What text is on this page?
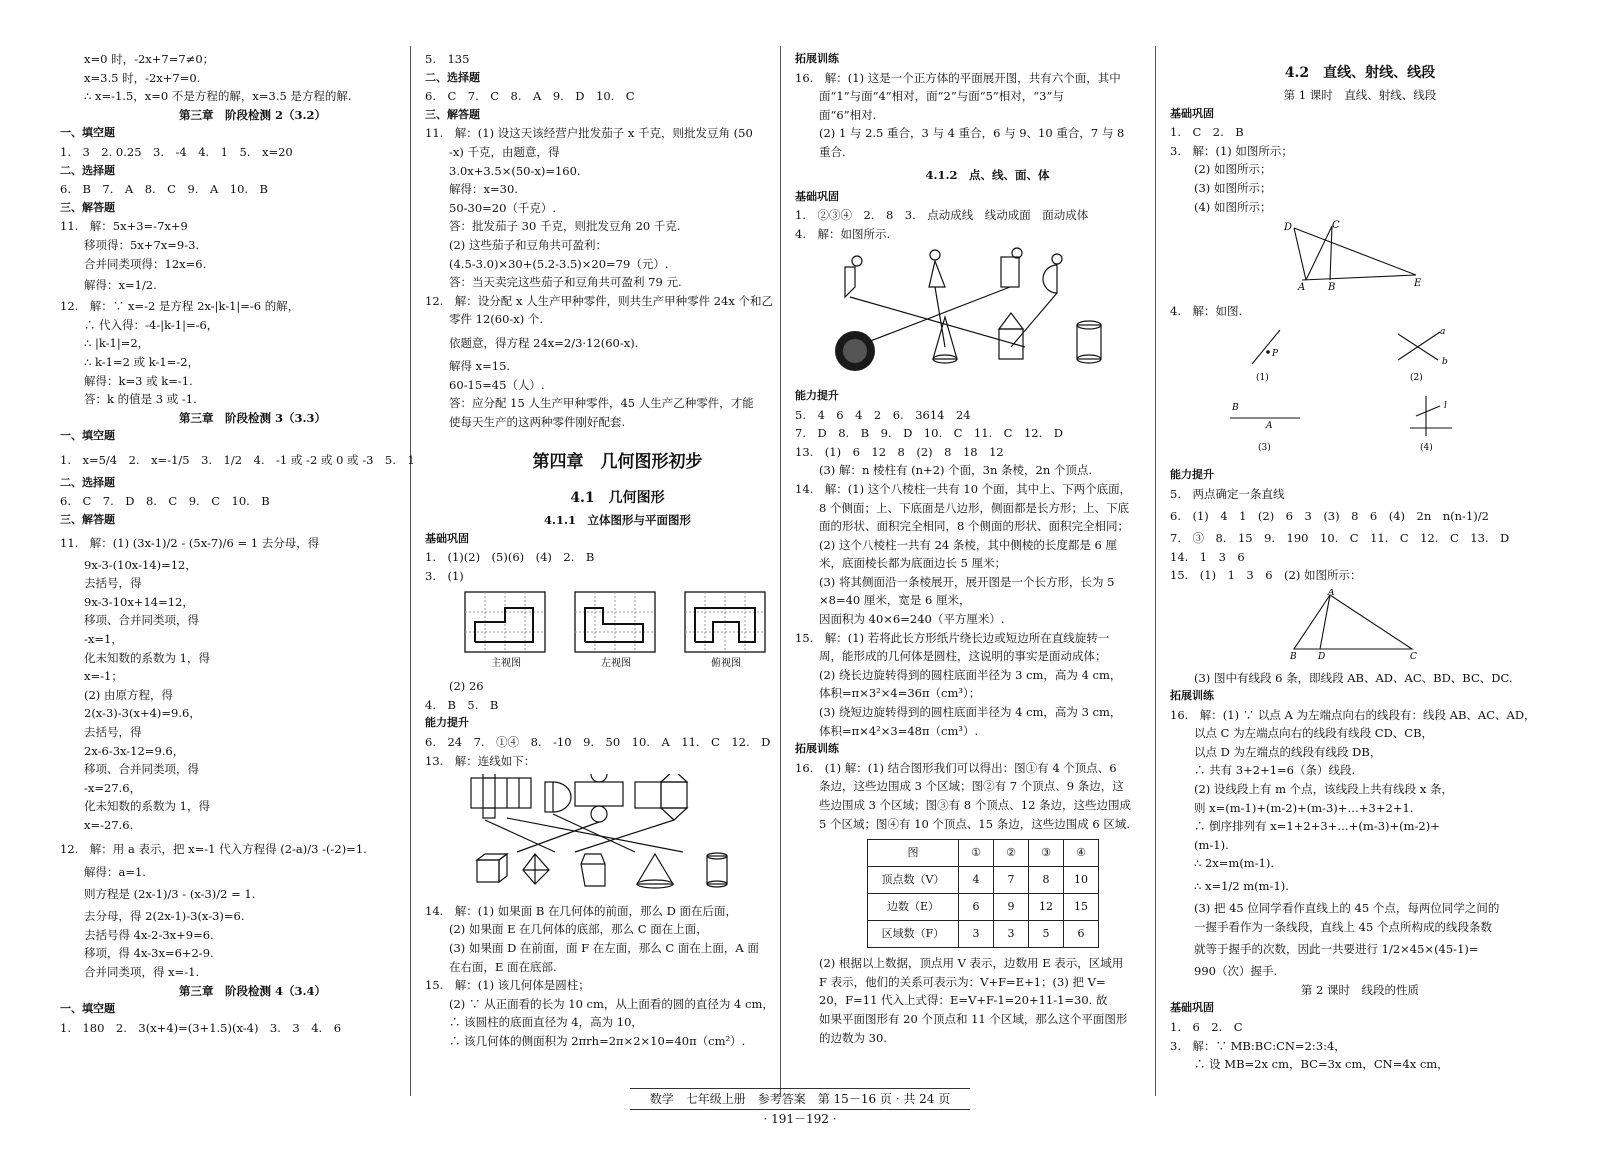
x=0 时，-2x+7=7≠0；
x=3.5 时，-2x+7=0.
∴ x=-1.5，x=0 不是方程的解，x=3.5 是方程的解.
第三章　阶段检测 2（3.2）
一、填空题
1.　3　2. 0.25　3.　-4　4.　1　5.　x=20
二、选择题
6.　B　7.　A　8.　C　9.　A　10.　B
三、解答题
11.　解：5x+3=-7x+9
移项得：5x+7x=9-3.
合并同类项得：12x=6.
解得：x=1/2.
12.　解：∵ x=-2 是方程 2x-|k-1|=-6 的解，
∴ 代入得：-4-|k-1|=-6，
∴ |k-1|=2，
∴ k-1=2 或 k-1=-2，
解得：k=3 或 k=-1.
答：k 的值是 3 或 -1.
第三章　阶段检测 3（3.3）
一、填空题
1.　x=5/4　2.　x=-1/5　3.　1/2　4.　-1 或 -2 或 0 或 -3　5.　1
二、选择题
6.　C　7.　D　8.　C　9.　C　10.　B
三、解答题
11.　解：(1) (3x-1)/2 - (5x-7)/6 = 1 去分母，得
9x-3-(10x-14)=12，
去括号，得
9x-3-10x+14=12，
移项、合并同类项，得
-x=1，
化未知数的系数为 1，得
x=-1；
(2) 由原方程，得
2(x-3)-3(x+4)=9.6，
去括号，得
2x-6-3x-12=9.6，
移项、合并同类项，得
-x=27.6，
化未知数的系数为 1，得
x=-27.6.
12.　解：用 a 表示，把 x=-1 代入方程得 (2-a)/3 -(-2)=1.
解得：a=1.
则方程是 (2x-1)/3 - (x-3)/2 = 1.
去分母，得 2(2x-1)-3(x-3)=6.
去括号得 4x-2-3x+9=6.
移项，得 4x-3x=6+2-9.
合并同类项，得 x=-1.
第三章　阶段检测 4（3.4）
一、填空题
1.　180　2.　3(x+4)=(3+1.5)(x-4)　3.　3　4.　6
5.　135
二、选择题
6.　C　7.　C　8.　A　9.　D　10.　C
三、解答题
11.　解：(1) 设这天该经营户批发茄子 x 千克，则批发豆角 (50
-x) 千克，由题意，得
3.0x+3.5×(50-x)=160.
解得：x=30.
50-30=20（千克）.
答：批发茄子 30 千克，则批发豆角 20 千克.
(2) 这些茄子和豆角共可盈利：
(4.5-3.0)×30+(5.2-3.5)×20=79（元）.
答：当天卖完这些茄子和豆角共可盈利 79 元.
12.　解：设分配 x 人生产甲种零件，则共生产甲种零件 24x 个和乙
零件 12(60-x) 个.
依题意，得方程 24x=2/3·12(60-x).
解得 x=15.
60-15=45（人）.
答：应分配 15 人生产甲种零件，45 人生产乙种零件，才能
使每天生产的这两种零件刚好配套.
第四章　几何图形初步
4.1　几何图形
4.1.1　立体图形与平面图形
基础巩固
1.　(1)(2)　(5)(6)　(4)　2.　B
3.　(1)
主视图	左视图	俯视图
(2) 26
4.　B　5.　B
能力提升
6.　24　7.　①④　8.　-10　9.　50　10.　A　11.　C　12.　D
13.　解：连线如下：
14.　解：(1) 如果面 B 在几何体的前面，那么 D 面在后面，
(2) 如果面 E 在几何体的底部，那么 C 面在上面，
(3) 如果面 D 在前面，面 F 在左面，那么 C 面在上面，A 面
在右面，E 面在底部.
15.　解：(1) 该几何体是圆柱；
(2) ∵ 从正面看的长为 10 cm，从上面看的圆的直径为 4 cm，
∴ 该圆柱的底面直径为 4，高为 10，
∴ 该几何体的侧面积为 2πrh=2π×2×10=40π（cm²）.
拓展训练
16.　解：(1) 这是一个正方体的平面展开图，共有六个面，其中
面“1”与面“4”相对，面“2”与面“5”相对，“3”与
面“6”相对.
(2) 1 与 2.5 重合，3 与 4 重合，6 与 9、10 重合，7 与 8
重合.
4.1.2　点、线、面、体
基础巩固
1.　②③④　2.　8　3.　点动成线　线动成面　面动成体
4.　解：如图所示.
能力提升
5.　4　6　4　2　6.　3614　24
7.　D　8.　B　9.　D　10.　C　11.　C　12.　D
13.　(1)　6　12　8　(2)　8　18　12
(3) 解：n 棱柱有 (n+2) 个面，3n 条棱，2n 个顶点.
14.　解：(1) 这个八棱柱一共有 10 个面，其中上、下两个底面，
8 个侧面；上、下底面是八边形，侧面都是长方形；上、下底
面的形状、面积完全相同，8 个侧面的形状、面积完全相同；
(2) 这个八棱柱一共有 24 条棱，其中侧棱的长度都是 6 厘
米，底面棱长都为底面边长 5 厘米；
(3) 将其侧面沿一条棱展开，展开图是一个长方形，长为 5
×8=40 厘米，宽是 6 厘米，
因面积为 40×6=240（平方厘米）.
15.　解：(1) 若将此长方形纸片绕长边或短边所在直线旋转一
周，能形成的几何体是圆柱，这说明的事实是面动成体；
(2) 绕长边旋转得到的圆柱底面半径为 3 cm，高为 4 cm，
体积=π×3²×4=36π（cm³）；
(3) 绕短边旋转得到的圆柱底面半径为 4 cm，高为 3 cm，
体积=π×4²×3=48π（cm³）.
拓展训练
16.　(1) 解：(1) 结合图形我们可以得出：图①有 4 个顶点、6
条边，这些边围成 3 个区域；图②有 7 个顶点、9 条边，这
些边围成 3 个区域；图③有 8 个顶点、12 条边，这些边围成
5 个区域；图④有 10 个顶点、15 条边，这些边围成 6 区域.
图	①	②	③	④
顶点数（V）	4	7	8	10
边数（E）	6	9	12	15
区域数（F）	3	3	5	6
(2) 根据以上数据，顶点用 V 表示，边数用 E 表示，区域用
F 表示，他们的关系可表示为：V+F=E+1；(3) 把 V=
20，F=11 代入上式得：E=V+F-1=20+11-1=30. 故
如果平面图形有 20 个顶点和 11 个区域，那么这个平面图形
的边数为 30.
4.2　直线、射线、线段
第 1 课时　直线、射线、线段
基础巩固
1.　C　2.　B
3.　解：(1) 如图所示；
(2) 如图所示；
(3) 如图所示；
(4) 如图所示；
D	C
A B	E
4.　解：如图.
P
a
b
(1)	(2)
(3)	(4)
B
A
l
能力提升
5.　两点确定一条直线
6.　(1)　4　1　(2)　6　3　(3)　8　6　(4)　2n　n(n-1)/2
7.　③　8.　15　9.　190　10.　C　11.　C　12.　C　13.　D
14.　1　3　6
15.　(1)　1　3　6　(2) 如图所示：
A
B D	C
(3) 图中有线段 6 条，即线段 AB、AD、AC、BD、BC、DC.
拓展训练
16.　解：(1) ∵ 以点 A 为左端点向右的线段有：线段 AB、AC、AD，
以点 C 为左端点向右的线段有线段 CD、CB，
以点 D 为左端点的线段有线段 DB，
∴ 共有 3+2+1=6（条）线段.
(2) 设线段上有 m 个点，该线段上共有线段 x 条，
则 x=(m-1)+(m-2)+(m-3)+…+3+2+1.
∴ 倒序排列有 x=1+2+3+…+(m-3)+(m-2)+
(m-1).
∴ 2x=m(m-1).
∴ x=1/2 m(m-1).
(3) 把 45 位同学看作直线上的 45 个点，每两位同学之间的
一握手看作为一条线段，直线上 45 个点所构成的线段条数
就等于握手的次数，因此一共要进行 1/2×45×(45-1)=
990（次）握手.
第 2 课时　线段的性质
基础巩固
1.　6　2.　C
3.　解：∵ MB:BC:CN=2:3:4，
∴ 设 MB=2x cm，BC=3x cm，CN=4x cm，
数学　七年级上册　参考答案　第 15－16 页 · 共 24 页
· 191－192 ·
